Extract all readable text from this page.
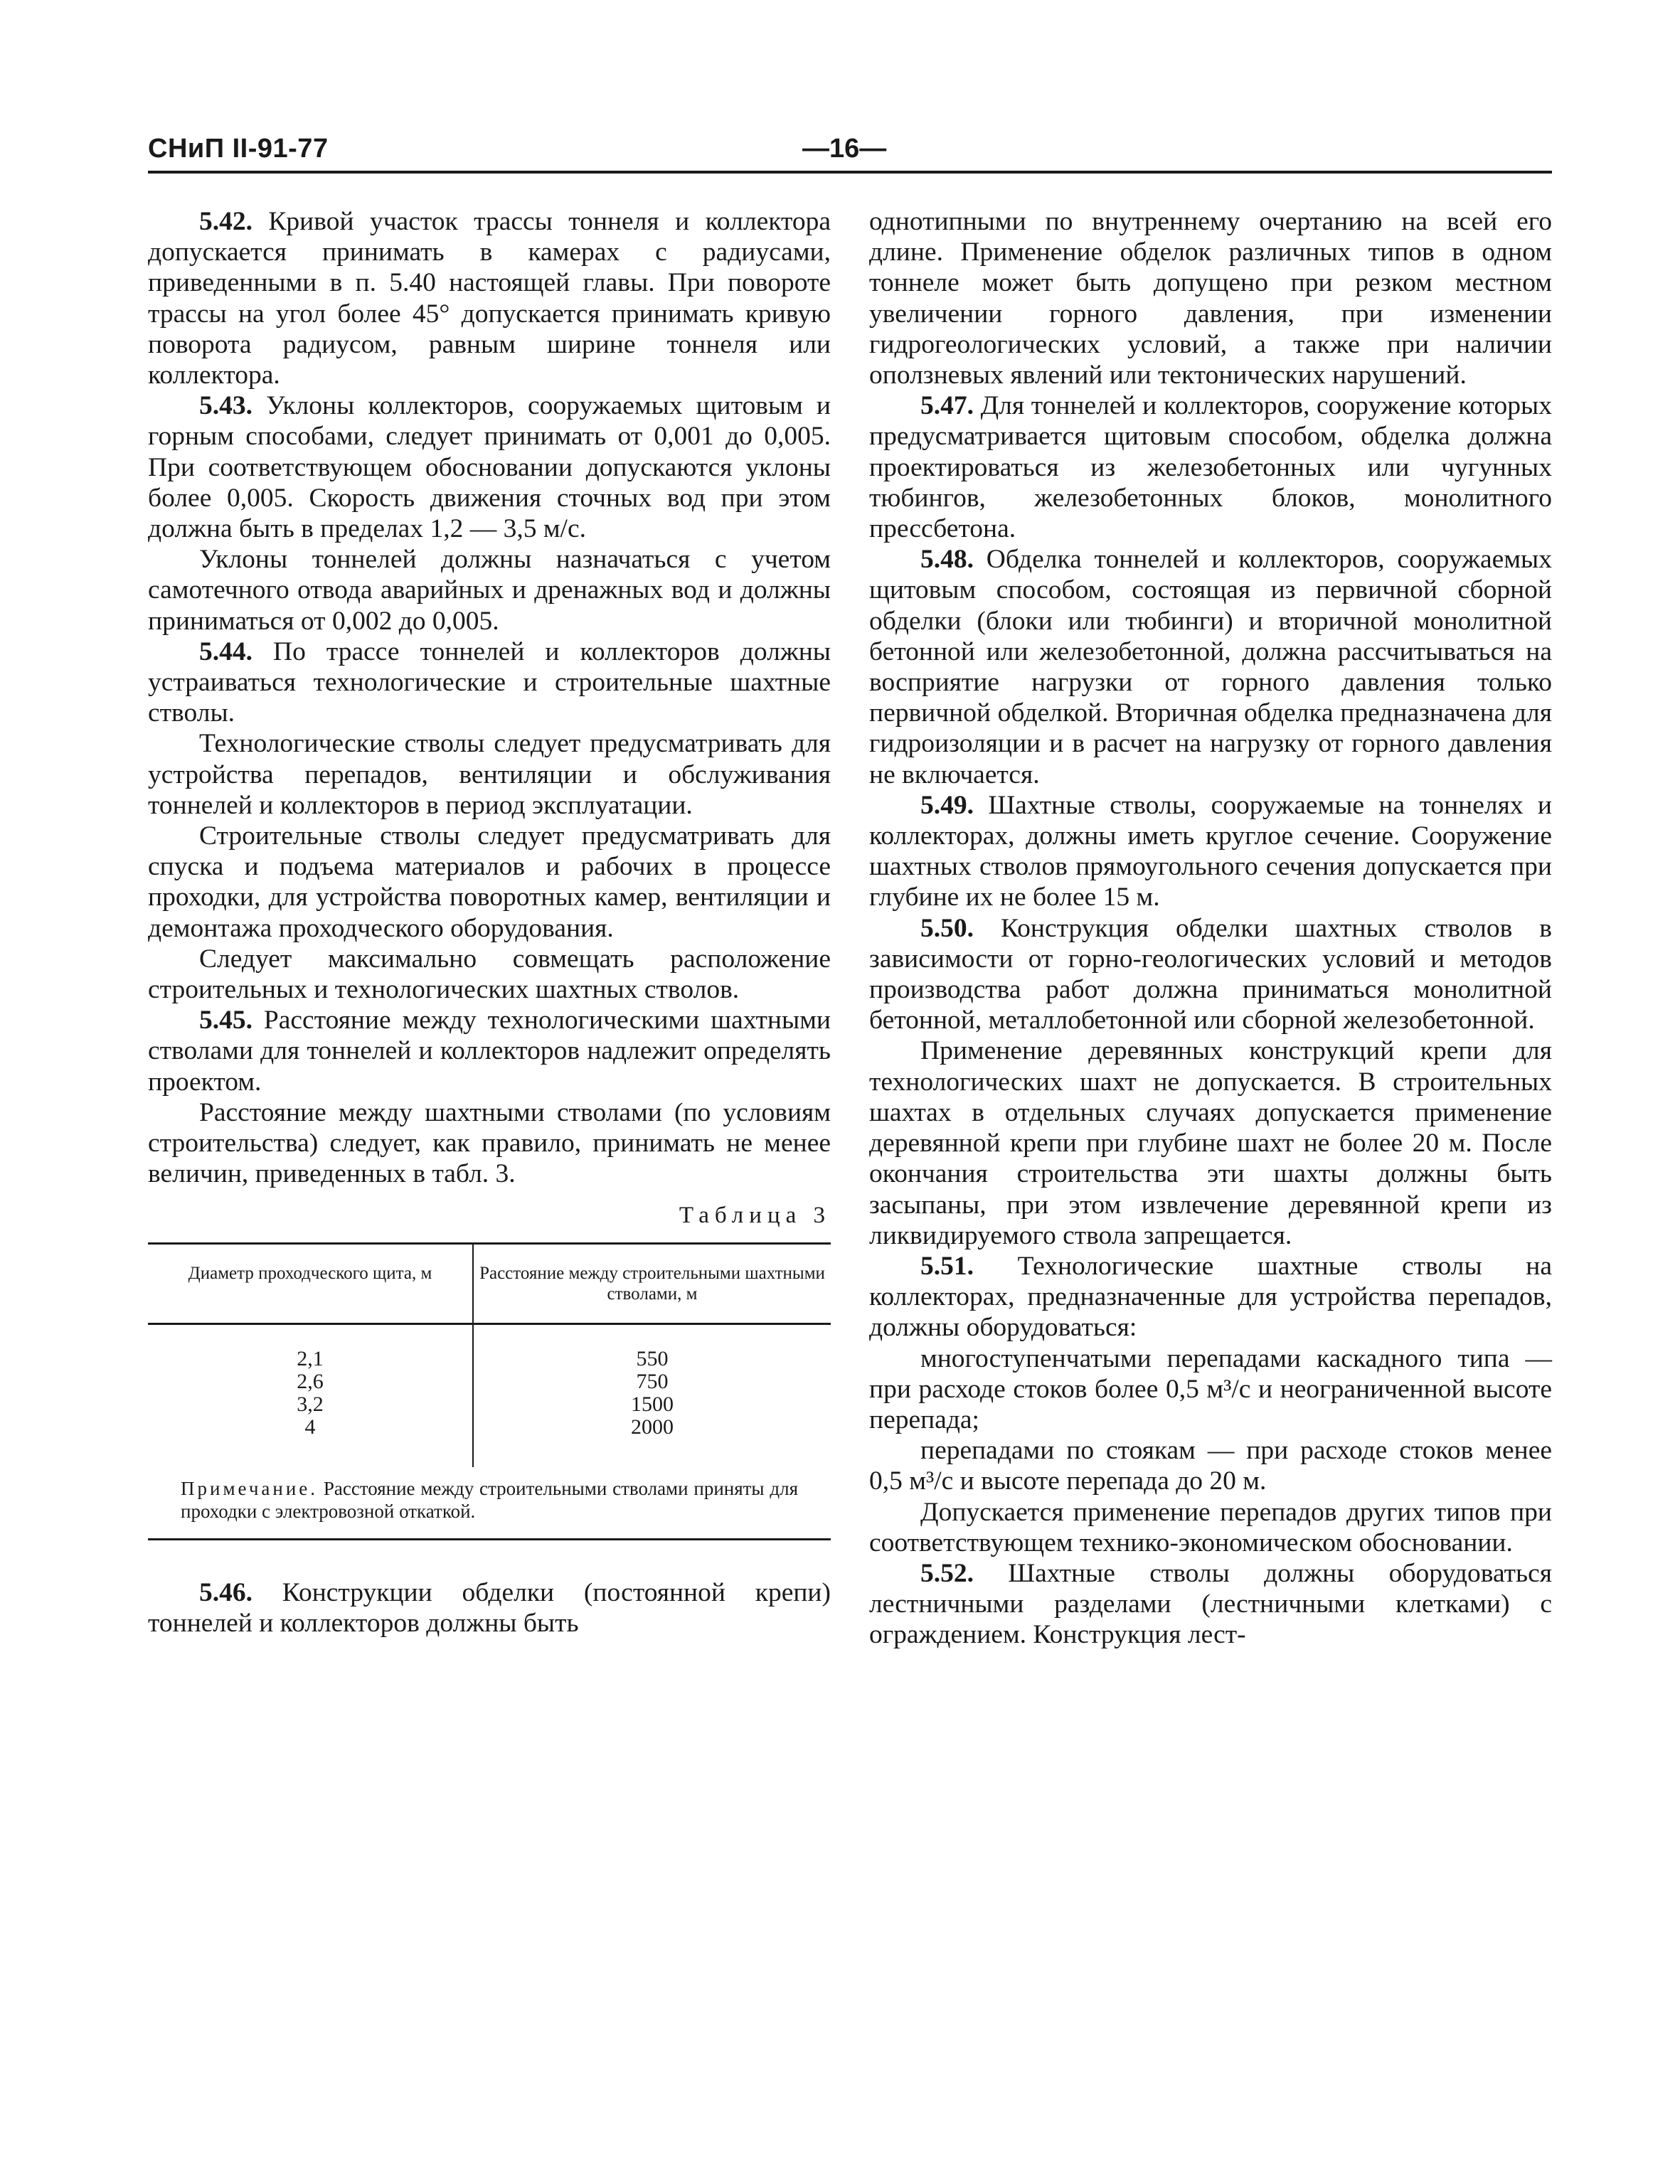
СНиП II-91-77	—16—

5.42. Кривой участок трассы тоннеля и коллектора допускается принимать в камерах с радиусами, приведенными в п. 5.40 настоящей главы. При повороте трассы на угол более 45° допускается принимать кривую поворота радиусом, равным ширине тоннеля или коллектора.

5.43. Уклоны коллекторов, сооружаемых щитовым и горным способами, следует принимать от 0,001 до 0,005. При соответствующем обосновании допускаются уклоны более 0,005. Скорость движения сточных вод при этом должна быть в пределах 1,2 — 3,5 м/с.

Уклоны тоннелей должны назначаться с учетом самотечного отвода аварийных и дренажных вод и должны приниматься от 0,002 до 0,005.

5.44. По трассе тоннелей и коллекторов должны устраиваться технологические и строительные шахтные стволы.

Технологические стволы следует предусматривать для устройства перепадов, вентиляции и обслуживания тоннелей и коллекторов в период эксплуатации.

Строительные стволы следует предусматривать для спуска и подъема материалов и рабочих в процессе проходки, для устройства поворотных камер, вентиляции и демонтажа проходческого оборудования.

Следует максимально совмещать расположение строительных и технологических шахтных стволов.

5.45. Расстояние между технологическими шахтными стволами для тоннелей и коллекторов надлежит определять проектом.

Расстояние между шахтными стволами (по условиям строительства) следует, как правило, принимать не менее величин, приведенных в табл. 3.

Таблица 3
Диаметр проходческого щита, м	Расстояние между строительными шахтными стволами, м
2,1
2,6
3,2
4
550
750
1500
2000
Примечание. Расстояние между строительными стволами приняты для проходки с электровозной откаткой.

5.46. Конструкции обделки (постоянной крепи) тоннелей и коллекторов должны быть

однотипными по внутреннему очертанию на всей его длине. Применение обделок различных типов в одном тоннеле может быть допущено при резком местном увеличении горного давления, при изменении гидрогеологических условий, а также при наличии оползневых явлений или тектонических нарушений.

5.47. Для тоннелей и коллекторов, сооружение которых предусматривается щитовым способом, обделка должна проектироваться из железобетонных или чугунных тюбингов, железобетонных блоков, монолитного прессбетона.

5.48. Обделка тоннелей и коллекторов, сооружаемых щитовым способом, состоящая из первичной сборной обделки (блоки или тюбинги) и вторичной монолитной бетонной или железобетонной, должна рассчитываться на восприятие нагрузки от горного давления только первичной обделкой. Вторичная обделка предназначена для гидроизоляции и в расчет на нагрузку от горного давления не включается.

5.49. Шахтные стволы, сооружаемые на тоннелях и коллекторах, должны иметь круглое сечение. Сооружение шахтных стволов прямоугольного сечения допускается при глубине их не более 15 м.

5.50. Конструкция обделки шахтных стволов в зависимости от горно-геологических условий и методов производства работ должна приниматься монолитной бетонной, металлобетонной или сборной железобетонной.

Применение деревянных конструкций крепи для технологических шахт не допускается. В строительных шахтах в отдельных случаях допускается применение деревянной крепи при глубине шахт не более 20 м. После окончания строительства эти шахты должны быть засыпаны, при этом извлечение деревянной крепи из ликвидируемого ствола запрещается.

5.51. Технологические шахтные стволы на коллекторах, предназначенные для устройства перепадов, должны оборудоваться:

многоступенчатыми перепадами каскадного типа — при расходе стоков более 0,5 м³/с и неограниченной высоте перепада;

перепадами по стоякам — при расходе стоков менее 0,5 м³/с и высоте перепада до 20 м.

Допускается применение перепадов других типов при соответствующем технико-экономическом обосновании.

5.52. Шахтные стволы должны оборудоваться лестничными разделами (лестничными клетками) с ограждением. Конструкция лест-
